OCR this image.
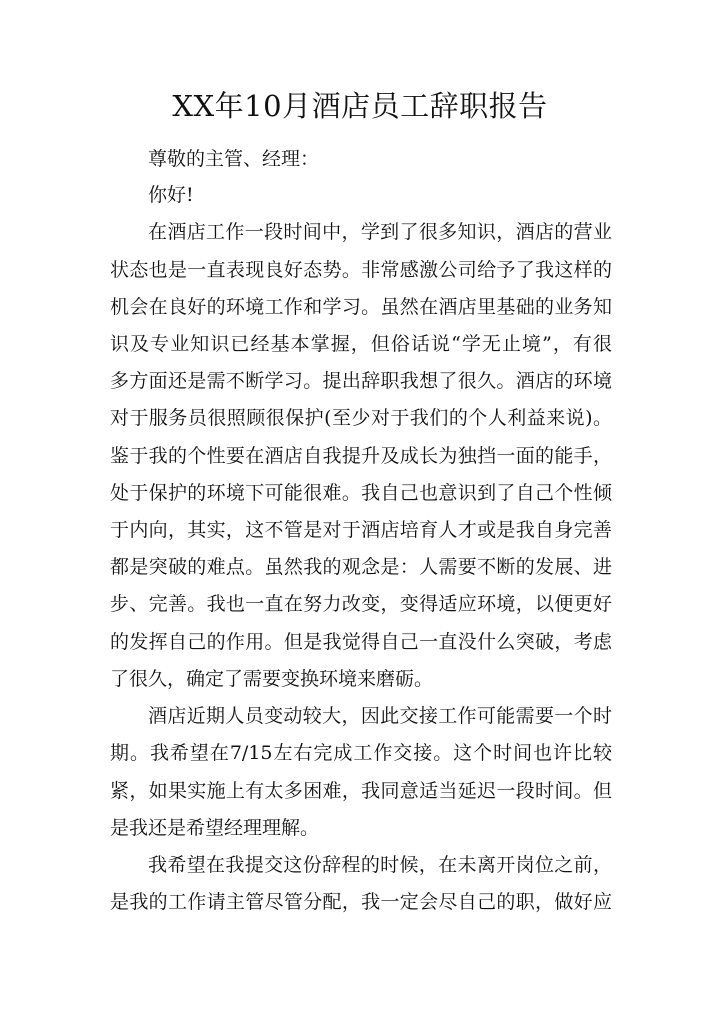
XX年10月酒店员工辞职报告

尊敬的主管、经理：

你好!

在酒店工作一段时间中，学到了很多知识，酒店的营业

状态也是一直表现良好态势。非常感激公司给予了我这样的

机会在良好的环境工作和学习。虽然在酒店里基础的业务知

识及专业知识已经基本掌握，但俗话说“学无止境”，有很

多方面还是需不断学习。提出辞职我想了很久。酒店的环境

对于服务员很照顾很保护(至少对于我们的个人利益来说)。

鉴于我的个性要在酒店自我提升及成长为独挡一面的能手，

处于保护的环境下可能很难。我自己也意识到了自己个性倾

于内向，其实，这不管是对于酒店培育人才或是我自身完善

都是突破的难点。虽然我的观念是：人需要不断的发展、进

步、完善。我也一直在努力改变，变得适应环境，以便更好

的发挥自己的作用。但是我觉得自己一直没什么突破，考虑

了很久，确定了需要变换环境来磨砺。

酒店近期人员变动较大，因此交接工作可能需要一个时

期。我希望在7/15左右完成工作交接。这个时间也许比较

紧，如果实施上有太多困难，我同意适当延迟一段时间。但

是我还是希望经理理解。

我希望在我提交这份辞程的时候，在未离开岗位之前，

是我的工作请主管尽管分配，我一定会尽自己的职，做好应
